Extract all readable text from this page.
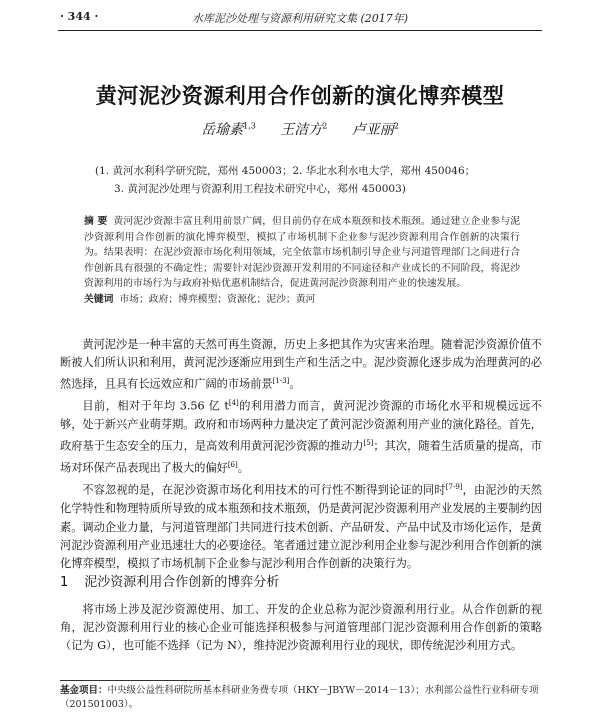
· 344 ·	水库泥沙处理与资源利用研究文集 (2017年)
黄河泥沙资源利用合作创新的演化博弈模型
岳瑜素$^{1,3}$ 王洁方$^2$ 卢亚丽$^2$
(1. 黄河水利科学研究院，郑州 450003；2. 华北水利水电大学，郑州 450046；
3. 黄河泥沙处理与资源利用工程技术研究中心，郑州 450003)
摘 要 黄河泥沙资源丰富且利用前景广阔，但目前仍存在成本瓶颈和技术瓶颈。通过建立企业参与泥沙资源利用合作创新的演化博弈模型，模拟了市场机制下企业参与泥沙资源利用合作创新的决策行为。结果表明：在泥沙资源市场化利用领域，完全依靠市场机制引导企业与河道管理部门之间进行合作创新具有很强的不确定性；需要针对泥沙资源开发利用的不同途径和产业成长的不同阶段，将泥沙资源利用的市场行为与政府补贴优惠机制结合，促进黄河泥沙资源利用产业的快速发展。
关键词 市场；政府；博弈模型；资源化；泥沙；黄河

黄河泥沙是一种丰富的天然可再生资源，历史上多把其作为灾害来治理。随着泥沙资源价值不断被人们所认识和利用，黄河泥沙逐渐应用到生产和生活之中。泥沙资源化逐步成为治理黄河的必然选择，且具有长远效应和广阔的市场前景[1-3]。

目前，相对于年均 3.56 亿 t[4]的利用潜力而言，黄河泥沙资源的市场化水平和规模远远不够，处于新兴产业萌芽期。政府和市场两种力量决定了黄河泥沙资源利用产业的演化路径。首先，政府基于生态安全的压力，是高效利用黄河泥沙资源的推动力[5]；其次，随着生活质量的提高，市场对环保产品表现出了极大的偏好[6]。

不容忽视的是，在泥沙资源市场化利用技术的可行性不断得到论证的同时[7-9]，由泥沙的天然化学特性和物理特质所导致的成本瓶颈和技术瓶颈，仍是黄河泥沙资源利用产业发展的主要制约因素。调动企业力量，与河道管理部门共同进行技术创新、产品研发、产品中试及市场化运作，是黄河泥沙资源利用产业迅速壮大的必要途径。笔者通过建立泥沙利用企业参与泥沙利用合作创新的演化博弈模型，模拟了市场机制下企业参与泥沙利用合作创新的决策行为。

1 泥沙资源利用合作创新的博弈分析

将市场上涉及泥沙资源使用、加工、开发的企业总称为泥沙资源利用行业。从合作创新的视角，泥沙资源利用行业的核心企业可能选择积极参与河道管理部门泥沙资源利用合作创新的策略（记为 G），也可能不选择（记为 N），维持泥沙资源利用行业的现状，即传统泥沙利用方式。

基金项目：中央级公益性科研院所基本科研业务费专项（HKY－JBYW－2014－13）；水利部公益性行业科研专项（201501003）。
